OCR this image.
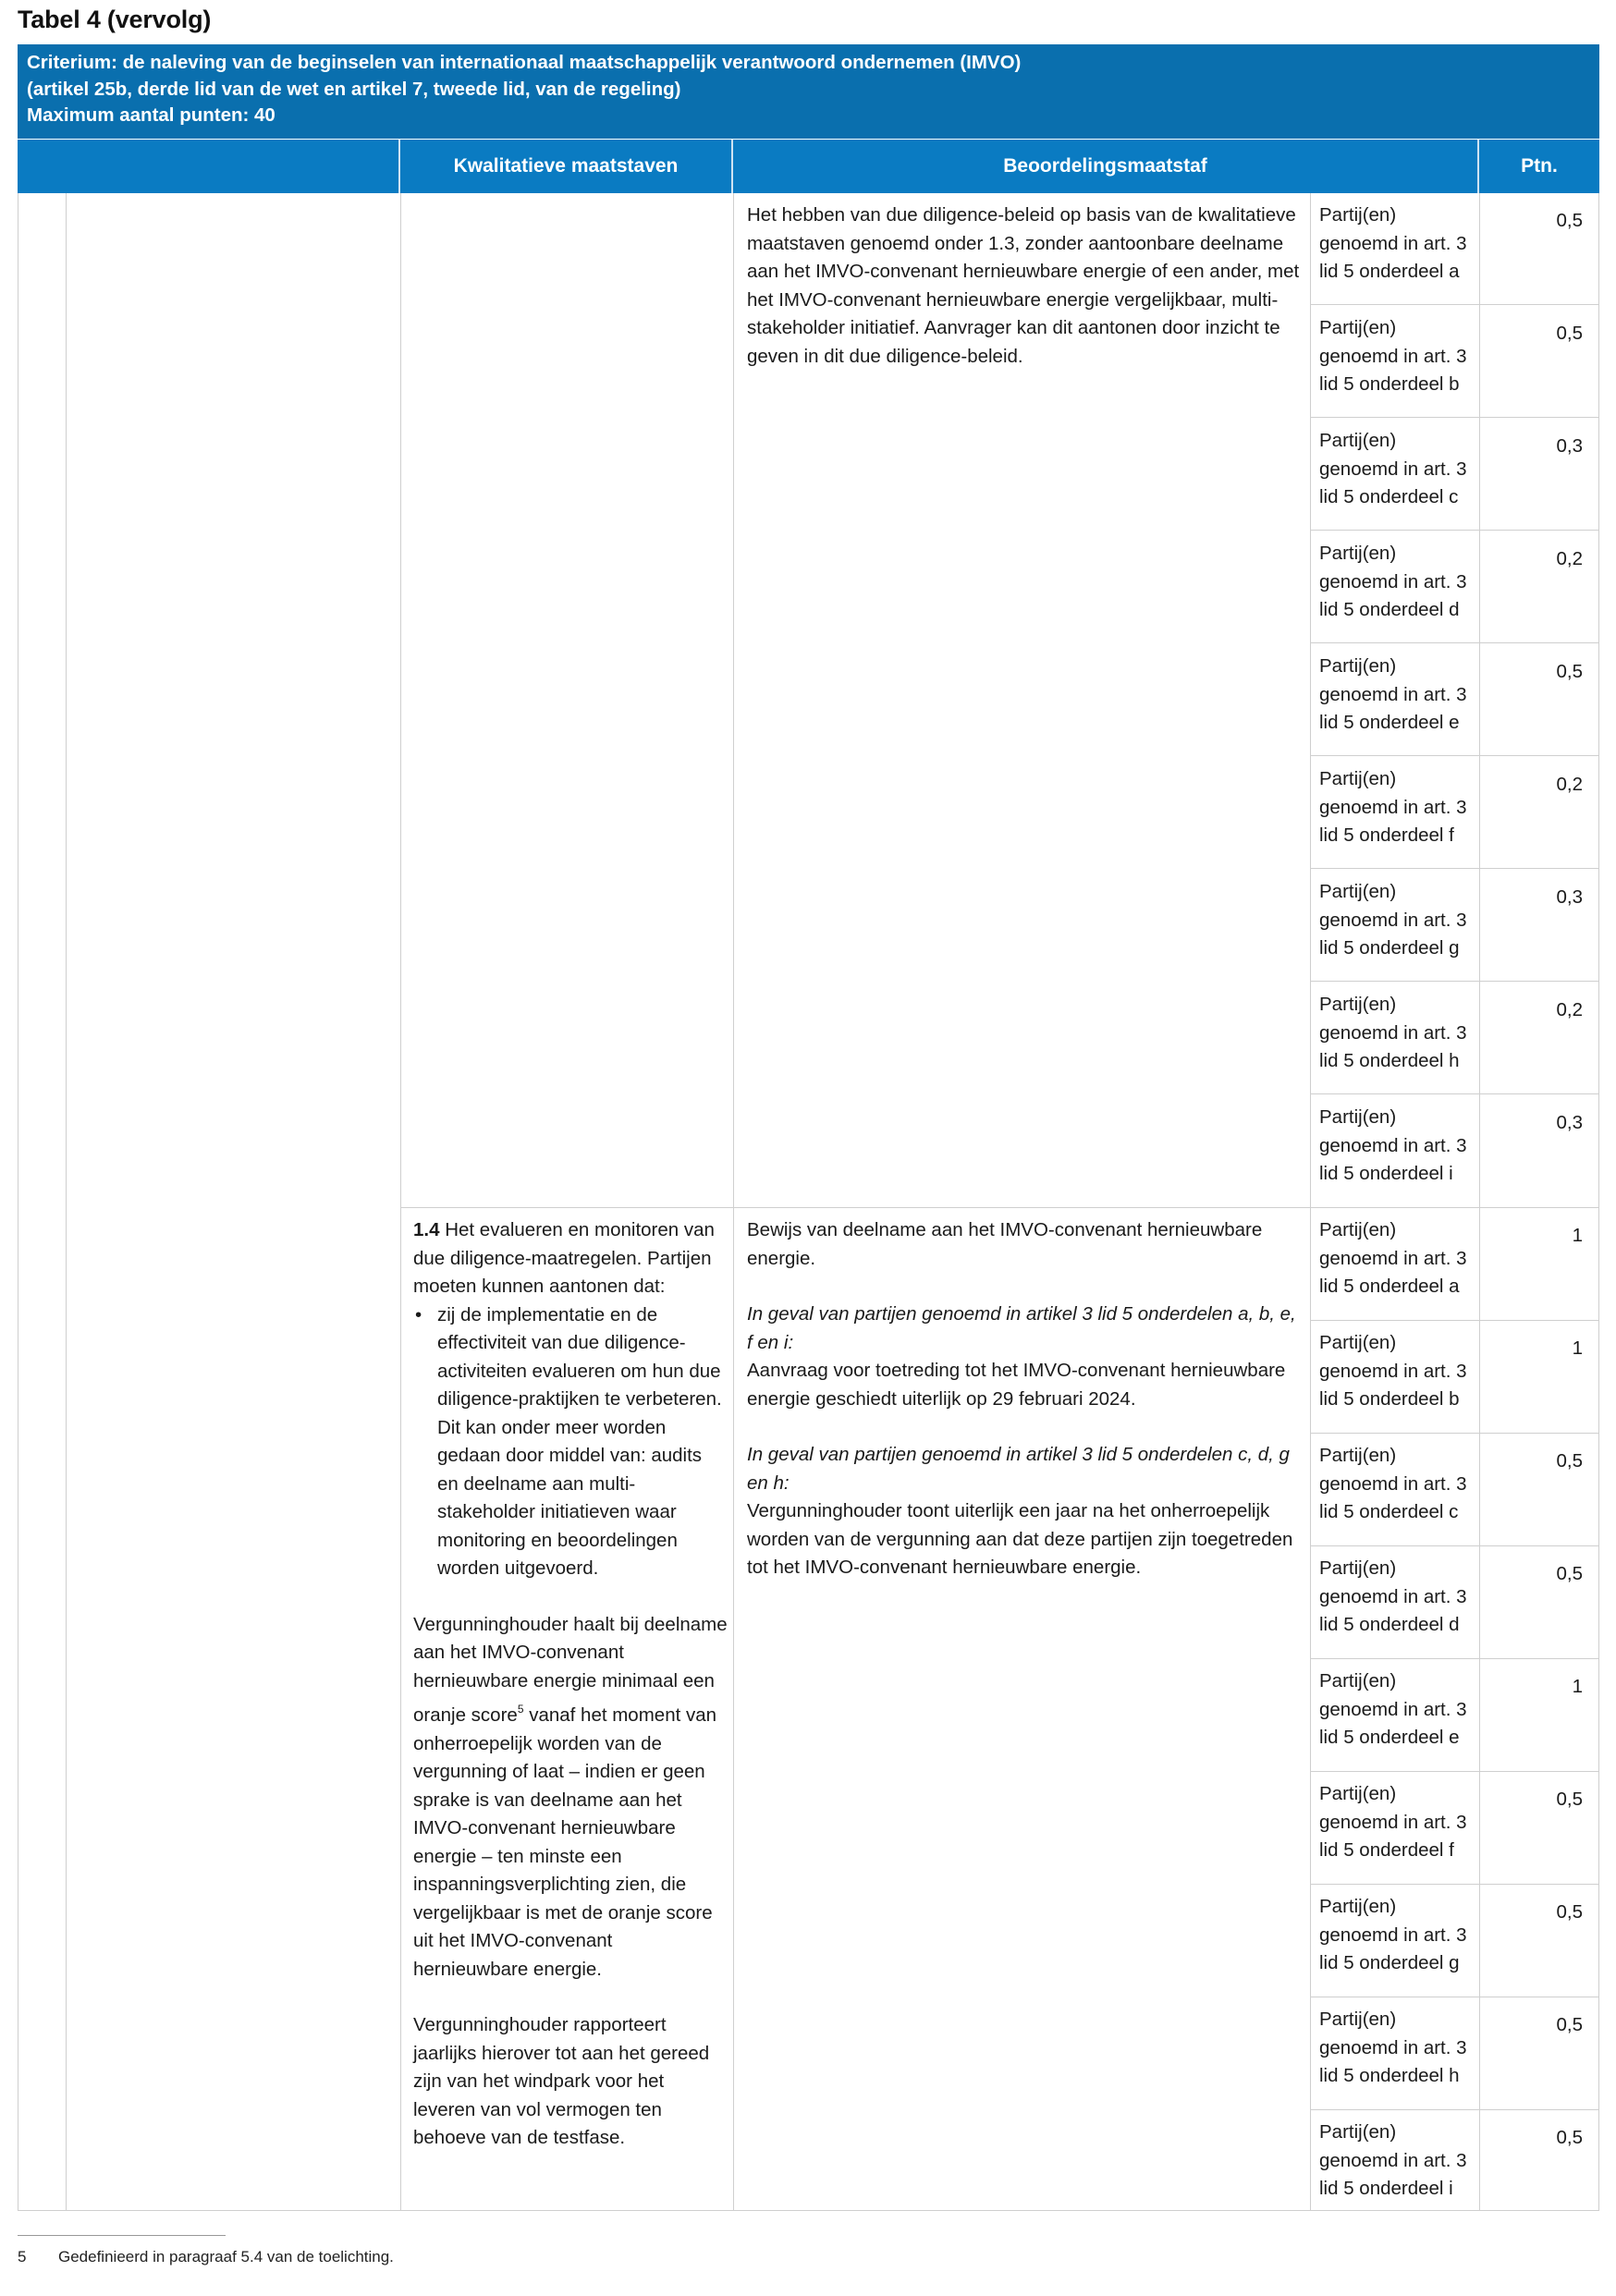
Tabel 4 (vervolg)
Criterium: de naleving van de beginselen van internationaal maatschappelijk verantwoord ondernemen (IMVO)
(artikel 25b, derde lid van de wet en artikel 7, tweede lid, van de regeling)
Maximum aantal punten: 40
Kwalitatieve maatstaven	Beoordelingsmaatstaf	Ptn.
Het hebben van due diligence-beleid op basis van de kwalitatieve maatstaven genoemd onder 1.3, zonder aantoonbare deelname aan het IMVO-convenant hernieuwbare energie of een ander, met het IMVO-convenant hernieuwbare energie vergelijkbaar, multi-stakeholder initiatief. Aanvrager kan dit aantonen door inzicht te geven in dit due diligence-beleid.
Partij(en)
genoemd in art. 3
lid 5 onderdeel a
0,5
Partij(en)
genoemd in art. 3
lid 5 onderdeel b
0,5
Partij(en)
genoemd in art. 3
lid 5 onderdeel c
0,3
Partij(en)
genoemd in art. 3
lid 5 onderdeel d
0,2
Partij(en)
genoemd in art. 3
lid 5 onderdeel e
0,5
Partij(en)
genoemd in art. 3
lid 5 onderdeel f
0,2
Partij(en)
genoemd in art. 3
lid 5 onderdeel g
0,3
Partij(en)
genoemd in art. 3
lid 5 onderdeel h
0,2
Partij(en)
genoemd in art. 3
lid 5 onderdeel i
0,3

1.4 Het evalueren en monitoren van due diligence-maatregelen. Partijen moeten kunnen aantonen dat:

• zij de implementatie en de effectiviteit van due diligence-activiteiten evalueren om hun due diligence-praktijken te verbeteren. Dit kan onder meer worden gedaan door middel van: audits en deelname aan multi-stakeholder initiatieven waar monitoring en beoordelingen worden uitgevoerd.

Vergunninghouder haalt bij deelname aan het IMVO-convenant hernieuwbare energie minimaal een oranje score$^5$ vanaf het moment van onherroepelijk worden van de vergunning of laat – indien er geen sprake is van deelname aan het IMVO-convenant hernieuwbare energie – ten minste een inspanningsverplichting zien, die vergelijkbaar is met de oranje score uit het IMVO-convenant hernieuwbare energie.

Vergunninghouder rapporteert jaarlijks hierover tot aan het gereed zijn van het windpark voor het leveren van vol vermogen ten behoeve van de testfase.

Bewijs van deelname aan het IMVO-convenant hernieuwbare energie.

In geval van partijen genoemd in artikel 3 lid 5 onderdelen a, b, e, f en i:

Aanvraag voor toetreding tot het IMVO-convenant hernieuwbare energie geschiedt uiterlijk op 29 februari 2024.

In geval van partijen genoemd in artikel 3 lid 5 onderdelen c, d, g en h:

Vergunninghouder toont uiterlijk een jaar na het onherroepelijk worden van de vergunning aan dat deze partijen zijn toegetreden tot het IMVO-convenant hernieuwbare energie.

Partij(en)
genoemd in art. 3
lid 5 onderdeel a
1
Partij(en)
genoemd in art. 3
lid 5 onderdeel b
1
Partij(en)
genoemd in art. 3
lid 5 onderdeel c
0,5
Partij(en)
genoemd in art. 3
lid 5 onderdeel d
0,5
Partij(en)
genoemd in art. 3
lid 5 onderdeel e
1
Partij(en)
genoemd in art. 3
lid 5 onderdeel f
0,5
Partij(en)
genoemd in art. 3
lid 5 onderdeel g
0,5
Partij(en)
genoemd in art. 3
lid 5 onderdeel h
0,5
Partij(en)
genoemd in art. 3
lid 5 onderdeel i
0,5
5 Gedefinieerd in paragraaf 5.4 van de toelichting.
